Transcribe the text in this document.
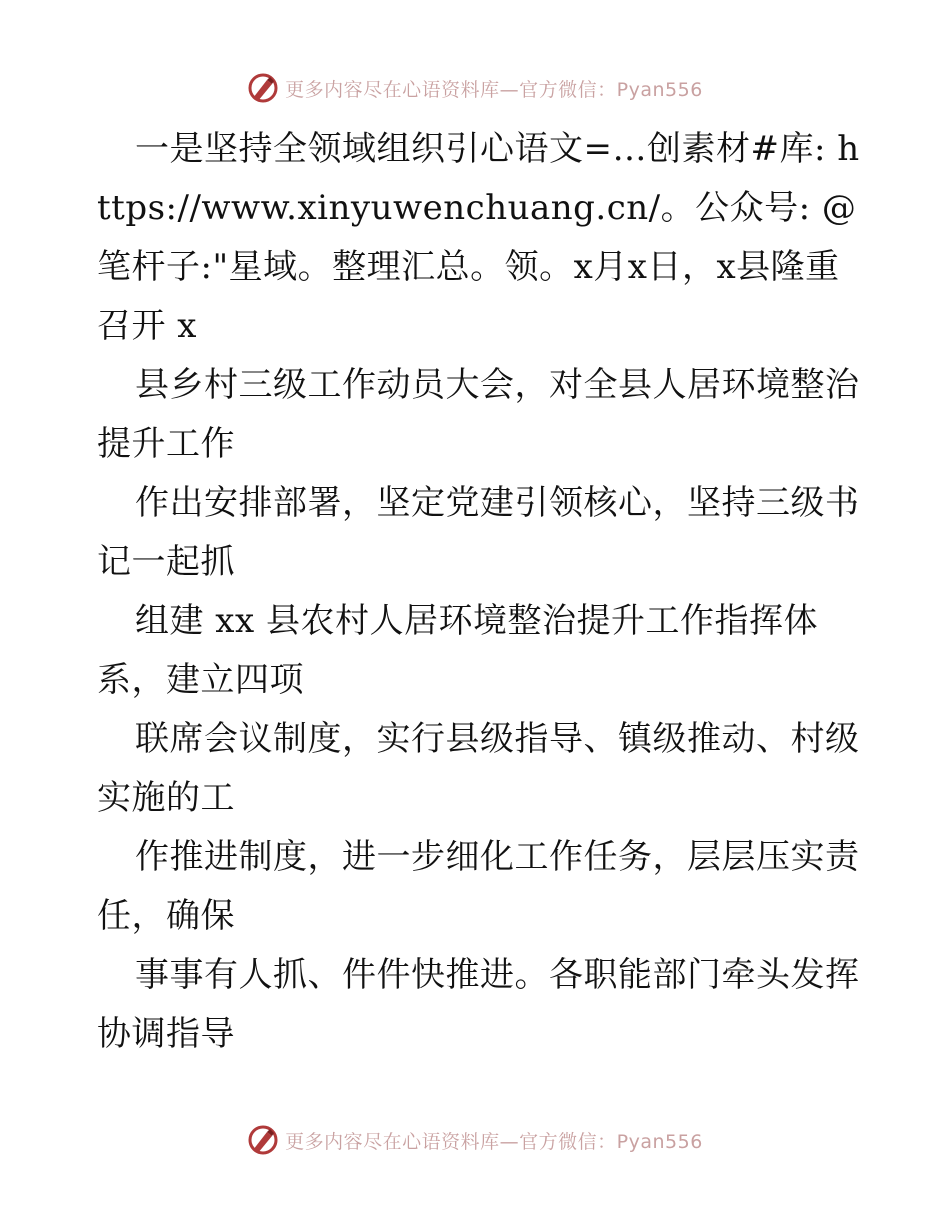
更多内容尽在心语资料库—官方微信：Pyan556

一是坚持全领域组织引心语文=…创素材#库: https://www.xinyuwenchuang.cn/。公众号: @笔杆子:"星域。整理汇总。领。x月x日，x县隆重召开 x

县乡村三级工作动员大会，对全县人居环境整治提升工作

作出安排部署，坚定党建引领核心，坚持三级书记一起抓

组建 xx 县农村人居环境整治提升工作指挥体系，建立四项

联席会议制度，实行县级指导、镇级推动、村级实施的工

作推进制度，进一步细化工作任务，层层压实责任，确保

事事有人抓、件件快推进。各职能部门牵头发挥协调指导

更多内容尽在心语资料库—官方微信：Pyan556
